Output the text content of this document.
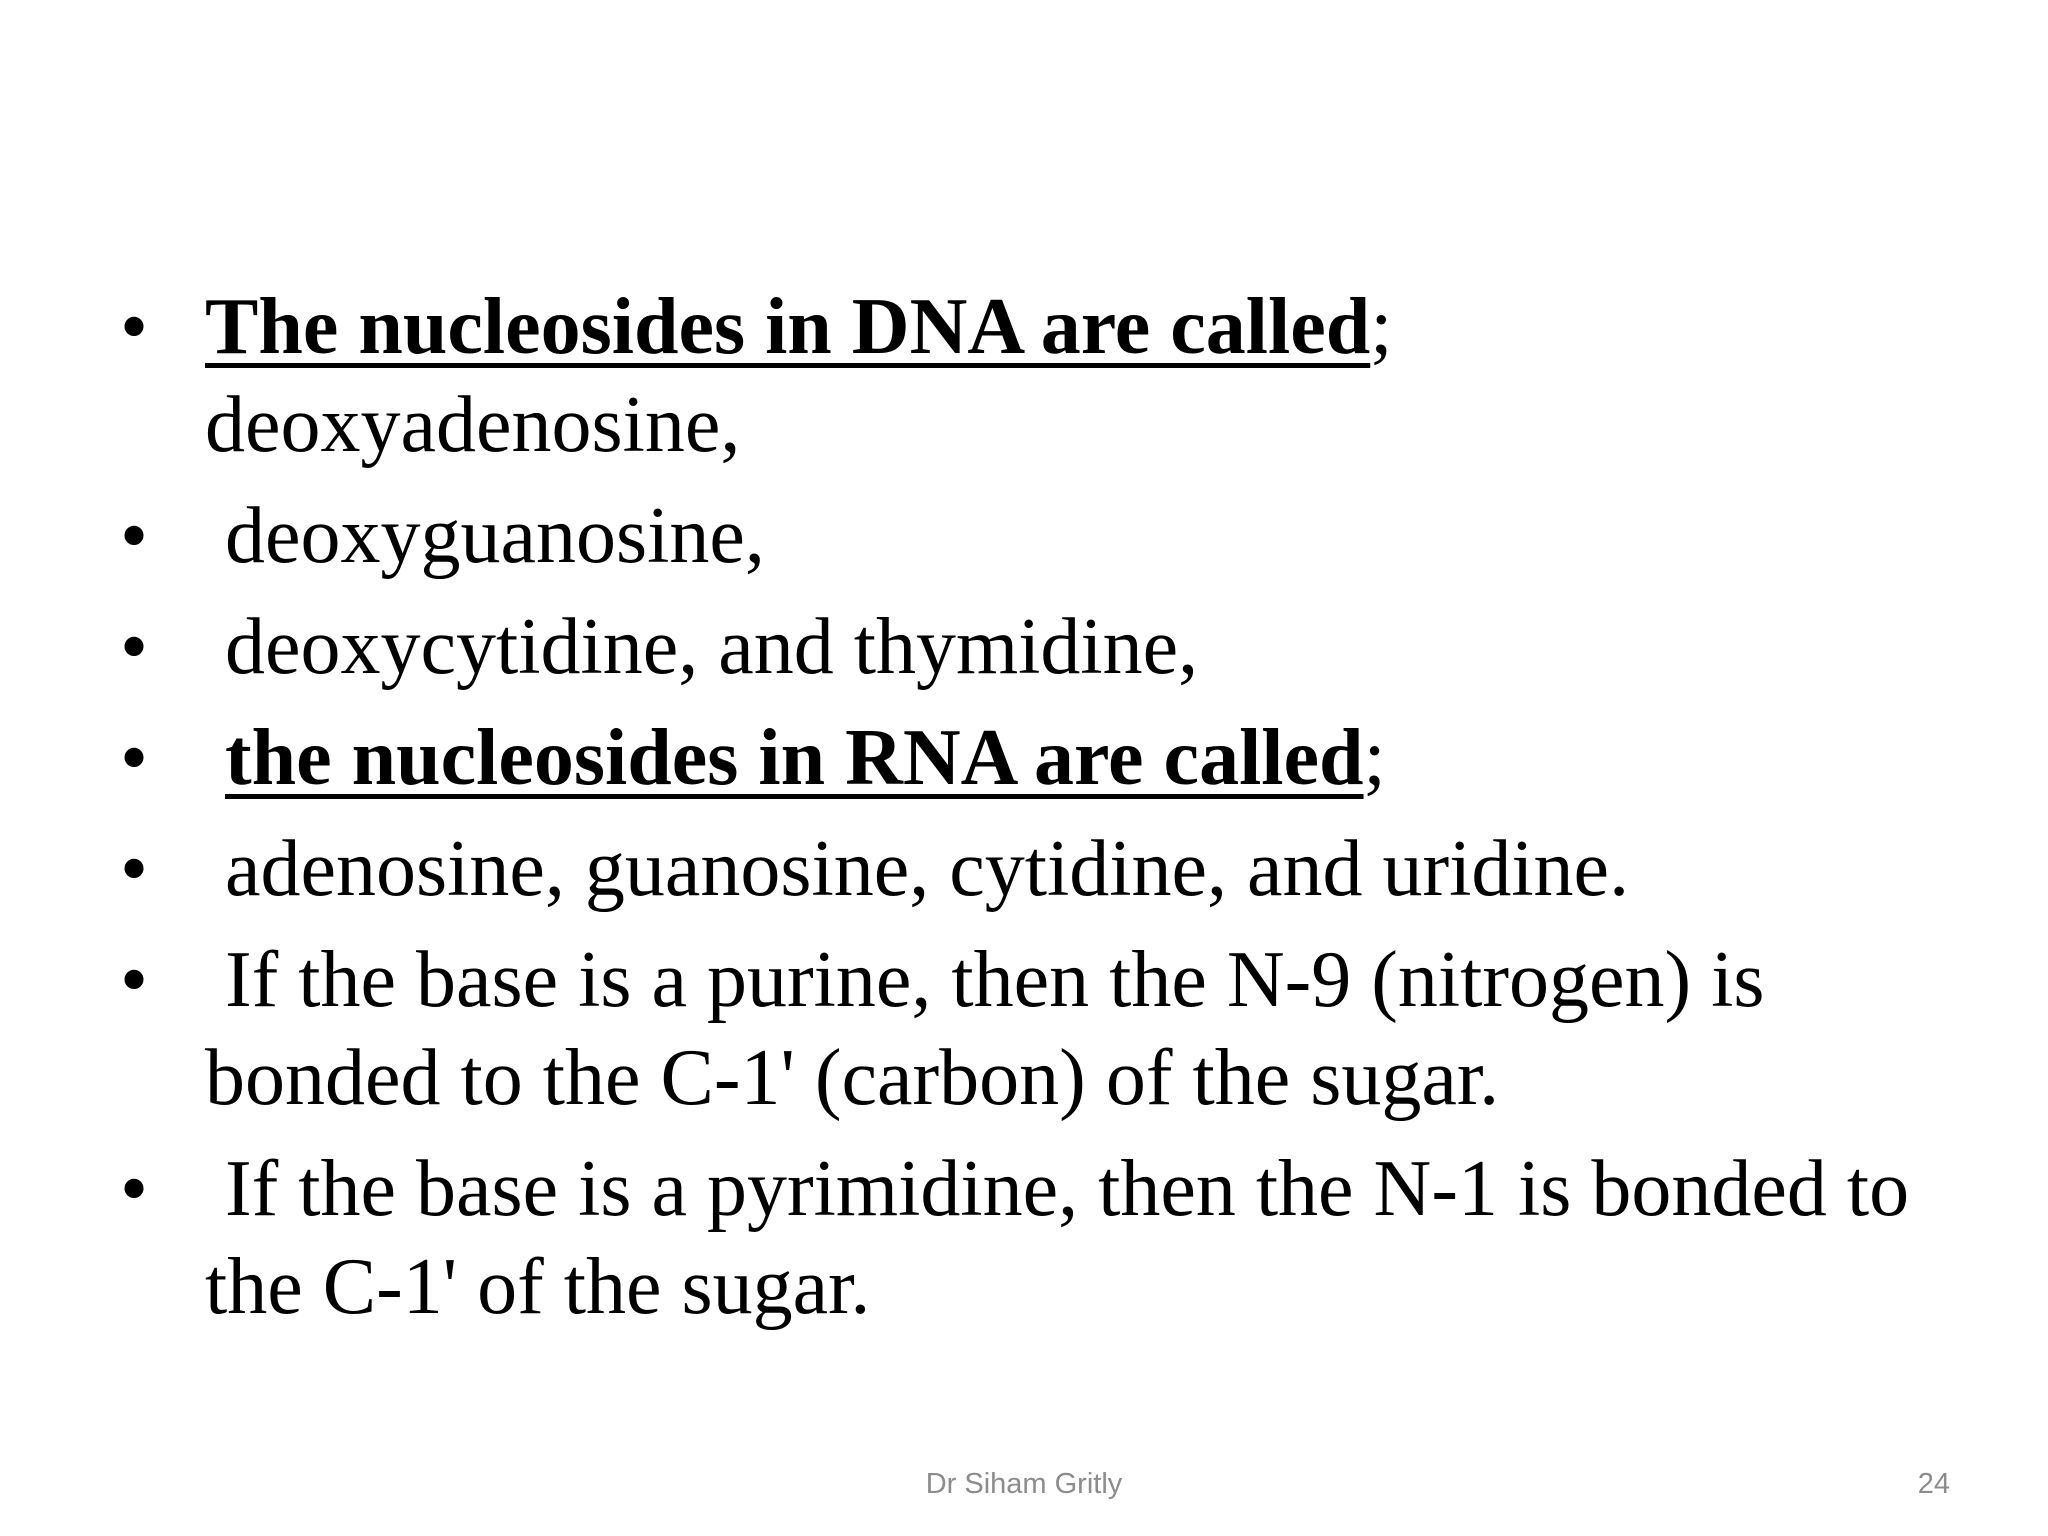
• The nucleosides in DNA are called;
deoxyadenosine,
• deoxyguanosine,
• deoxycytidine, and thymidine,
• the nucleosides in RNA are called;
• adenosine, guanosine, cytidine, and uridine.
• If the base is a purine, then the N-9 (nitrogen) is bonded to the C-1' (carbon) of the sugar.
• If the base is a pyrimidine, then the N-1 is bonded to the C-1' of the sugar.
Dr Siham Gritly	24
